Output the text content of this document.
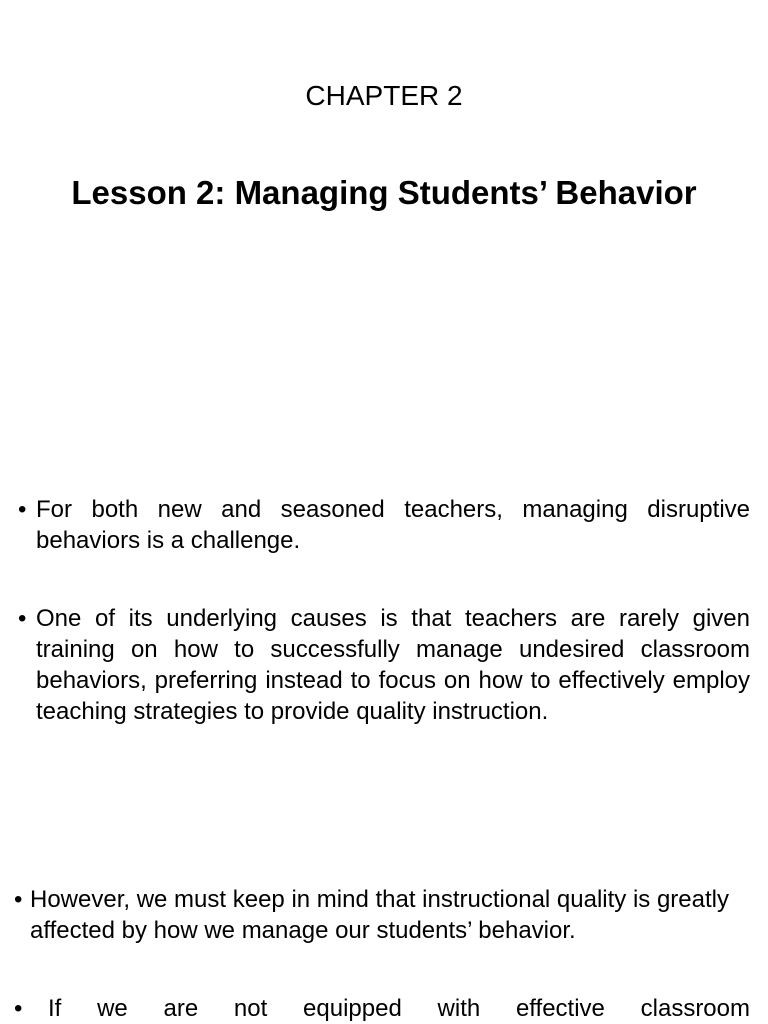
CHAPTER 2
Lesson 2: Managing Students’ Behavior
• For both new and seasoned teachers, managing disruptive behaviors is a challenge.
• One of its underlying causes is that teachers are rarely given training on how to successfully manage undesired classroom behaviors, preferring instead to focus on how to effectively employ teaching strategies to provide quality instruction.
• However, we must keep in mind that instructional quality is greatly affected by how we manage our students’ behavior.
• If we are not equipped with effective classroom
